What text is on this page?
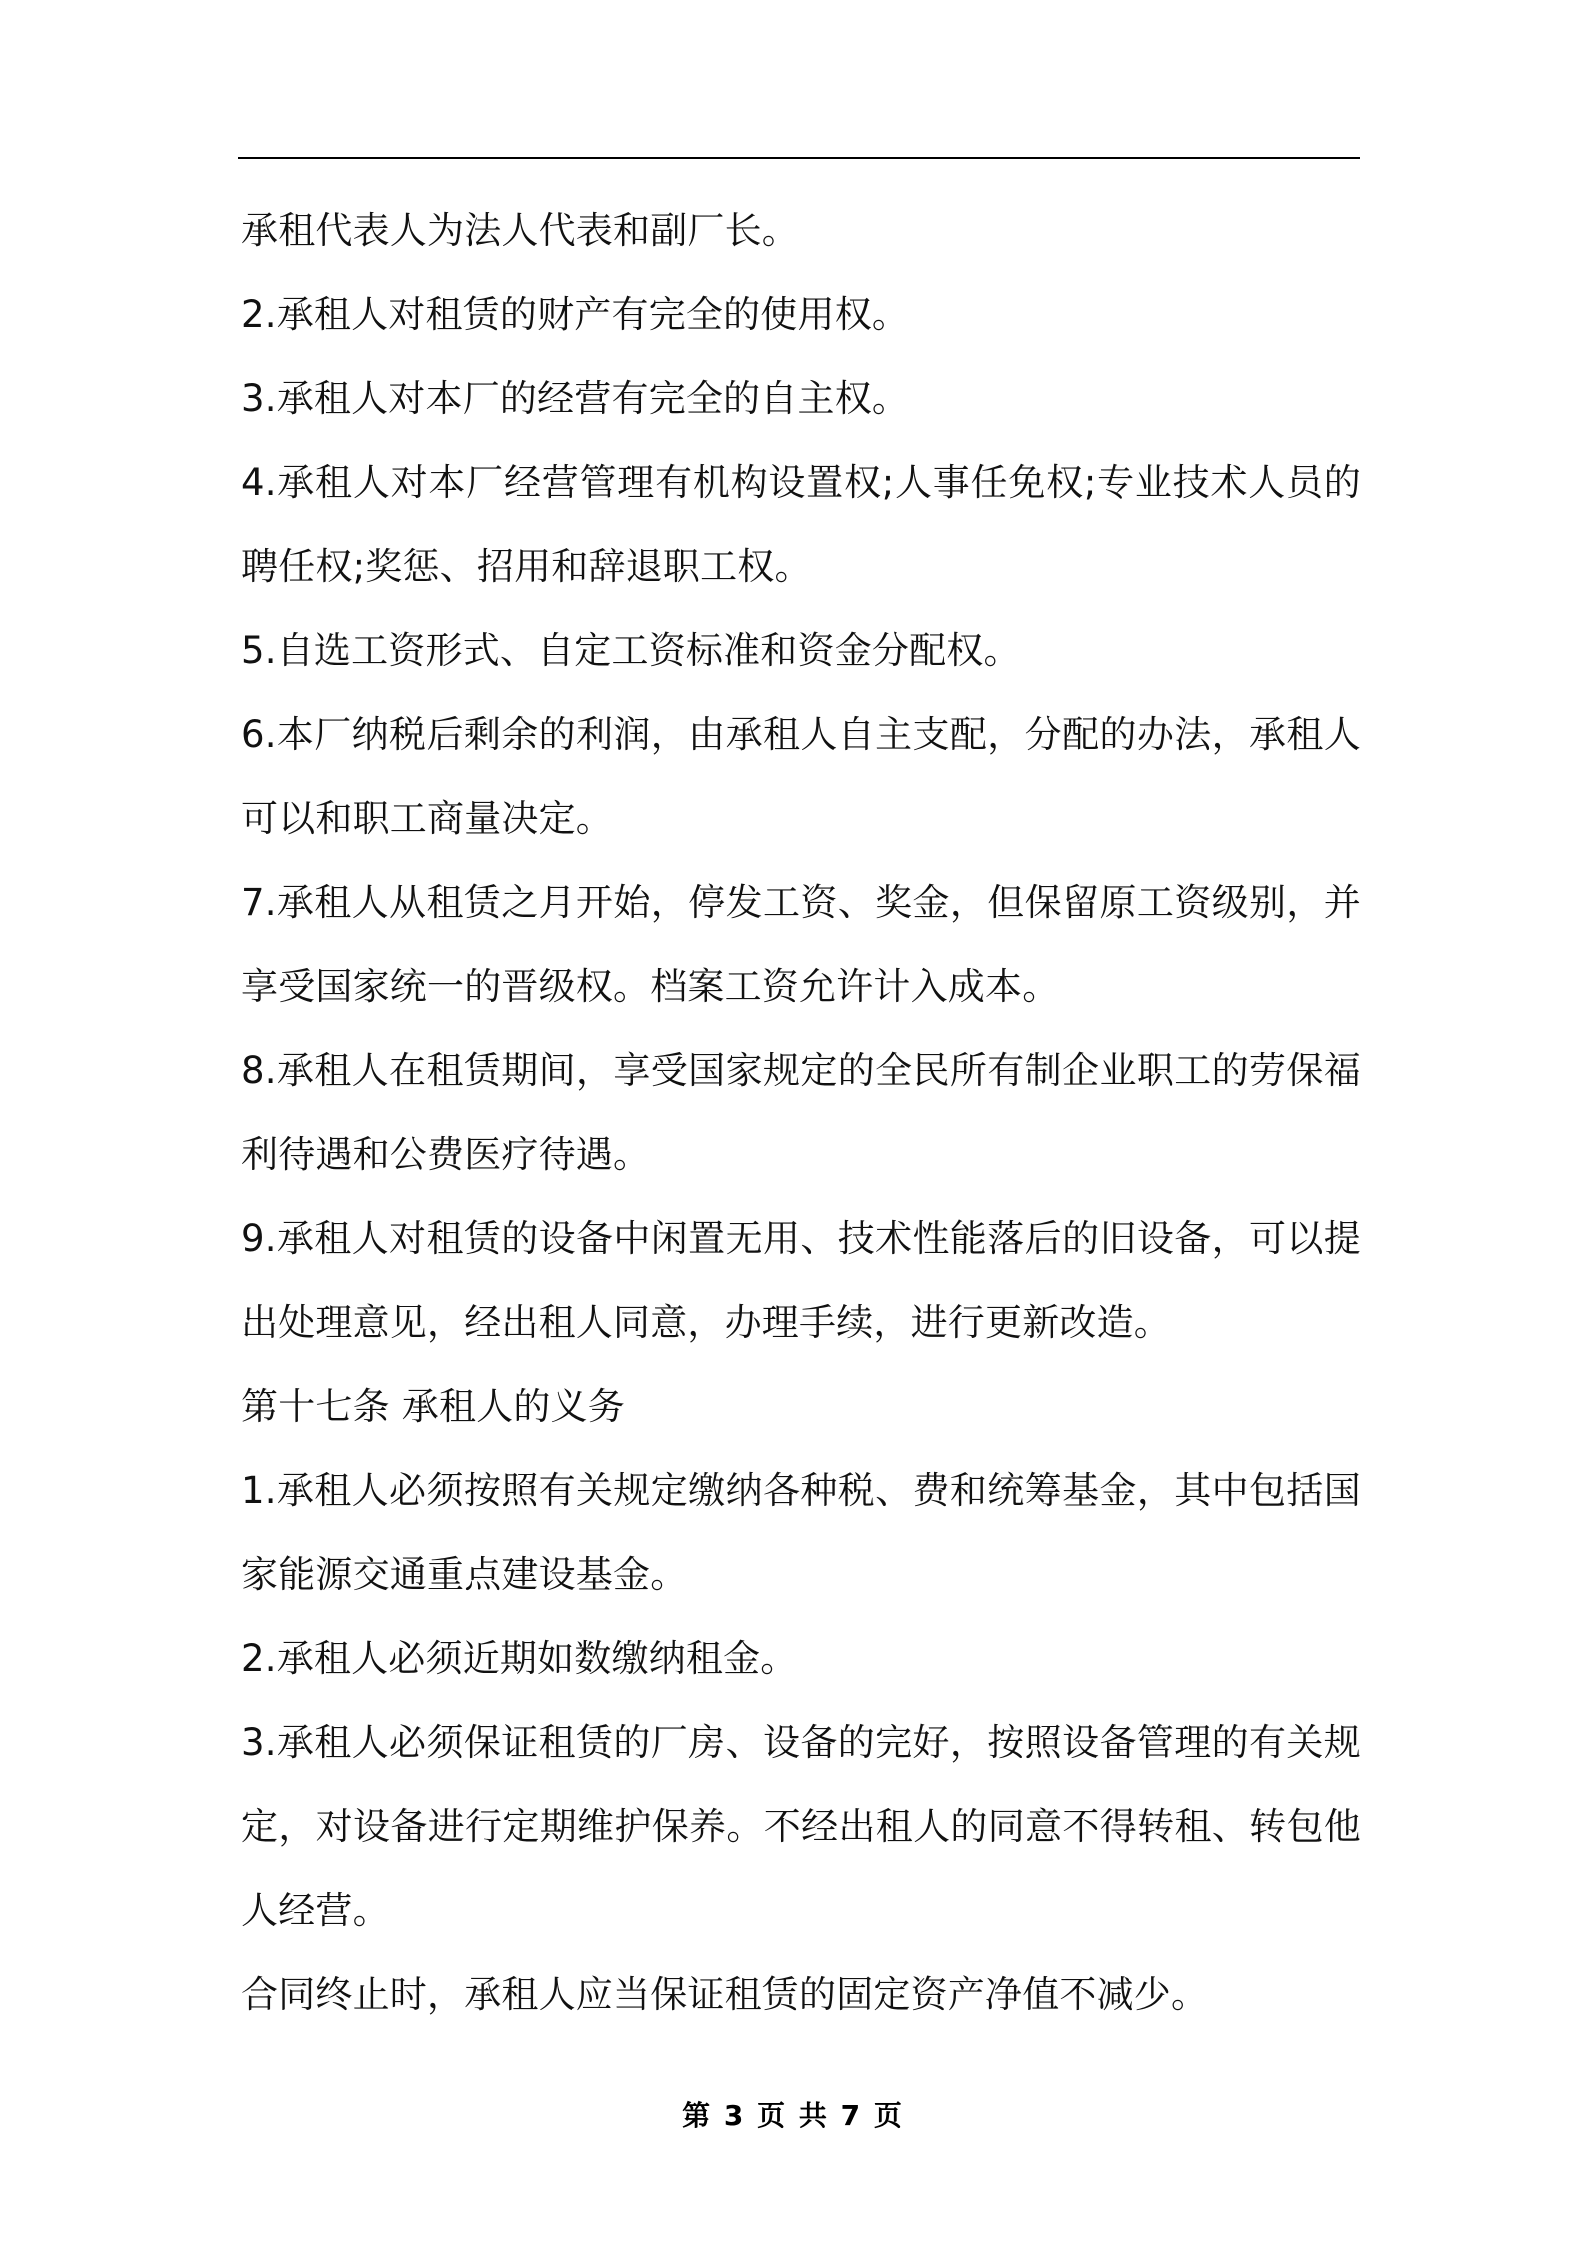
承租代表人为法人代表和副厂长。
2.承租人对租赁的财产有完全的使用权。
3.承租人对本厂的经营有完全的自主权。
4.承租人对本厂经营管理有机构设置权;人事任免权;专业技术人员的
聘任权;奖惩、招用和辞退职工权。
5.自选工资形式、自定工资标准和资金分配权。
6.本厂纳税后剩余的利润，由承租人自主支配，分配的办法，承租人
可以和职工商量决定。
7.承租人从租赁之月开始，停发工资、奖金，但保留原工资级别，并
享受国家统一的晋级权。档案工资允许计入成本。
8.承租人在租赁期间，享受国家规定的全民所有制企业职工的劳保福
利待遇和公费医疗待遇。
9.承租人对租赁的设备中闲置无用、技术性能落后的旧设备，可以提
出处理意见，经出租人同意，办理手续，进行更新改造。
第十七条 承租人的义务
1.承租人必须按照有关规定缴纳各种税、费和统筹基金，其中包括国
家能源交通重点建设基金。
2.承租人必须近期如数缴纳租金。
3.承租人必须保证租赁的厂房、设备的完好，按照设备管理的有关规
定，对设备进行定期维护保养。不经出租人的同意不得转租、转包他
人经营。
合同终止时，承租人应当保证租赁的固定资产净值不减少。
第 3 页 共 7 页
